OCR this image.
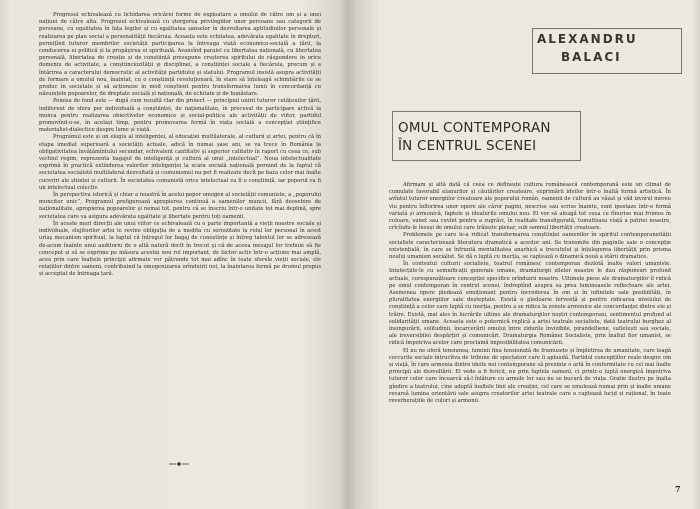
Progresul echivalează cu lichidarea oricărei forme de exploatare a omului de către om și a unei națiuni de către alta. Progresul echivalează cu ștergerea privilegiilor unor persoane sau categorii de persoane, cu egalitatea în fața legilor și cu egalitatea șanselor în dezvoltarea aptitudinilor personale și realizarea pe plan social a personalității fiecăruia. Aceasta este echitatea, adevărata egalitate în drepturi, permițînd tuturor membrilor societății participarea la întreaga viață economico-socială a țării, la conducerea ei politică și la propășirea ei spirituală. Avansînd paralel cu libertatea națională, cu libertatea personală, libertatea de creație și de conștiință presupune creșterea spiritului de răspundere în orice domeniu de activitate, a conștiinciozității și disciplinei, a conștiinței sociale a fiecăruia, precum și a întărirea a caracterului democratic al activității partidului și statului. Programul insistă asupra activității de formare a omului nou, înaintat, cu o conștiință revoluționară, în stare să înțeleagă schimbările ce se produc în societate și să acționeze în mod conștient pentru transformarea lumii în concordanță cu năzuințele popoarelor, de dreptate socială și națională, de echitate și de bunăstare.

Pemisa de fond este — după cum rezultă clar din proiect — principiul unirii tuturor cetățenilor țării, indiferent de sfera por individuală a conștiinței, de naționalitate, în procesul de participare activă la munca pentru realizarea obiectivelor economice și social-politice ale activității de viitor, partidul promovînd-o-se, în același timp, pentru promovarea fermă în viața socială a concepției științifice materialist-dialectice despre lume și viață.

Programul este și un elogiu al inteligenței, al educației multilaterale, al culturii și artei, pentru că în etapa imediat superioară a societății actuale, adică în numai șase ani, se va trece în România la obligativitatea învățămîntului secundar, echivalent cantitativ și superior calitativ în raport cu ceea ce, sub vechiul regim, reprezenta bagajul de inteligență și cultură al unui „intelectual”. Noua intelectualitate exprimă în practică extinderea valorilor inteligenței la scara socială națională pornind de la faptul că societatea socialistă multilateral dezvoltată și comunismul nu pot fi realizate decît pe baza celor mai înalte cuceriri ale științei și culturii. În societatea comunistă orice intelectual va fi o conștiință, iar poporul va fi un intelectual colectiv.

În perspectiva istorică și chiar a noastră în acelui popor omogen al societății comuniste, a „poporului muncitor unic”, Programul prefigurează apropierea continuă a oamenilor muncii, fără deosebire de naționalitate, apropierea popoarelor și nemai tot, pentru că se înscriu într-o unitate tot mai deplină, spre societatea care va asigura adevărata egalitate și libertate pentru toți oamenii.

În aceste mari direcții ale unui viitor ce echivalează cu o parte importantă a vieții noastre sociale și individuale, slujitorilor artei le revine obligația de a medita cu seriozitate la rolul lor personal în acest uriaș mecanism spiritual, la faptul că întregul lor bagaj de cunoștințe și întreg talentul lor se adresează de-acum înainte unui auditoriu de o altă natură decît în trecut și că de aceea mesajul lor trebuie să fie conceput și să se exprime pe măsura acestui nou rol important, de factor activ într-o acțiune mai amplă, acea prin care înaltele principii afirmate vor pătrunde tot mai adînc în toate sferele vieții sociale, ele relațiilor dintre oameni, contribuind la omogenizarea orînduirii noi, la înaintarea fermă pe drumul propus și acceptat de întreaga țară.

ALEXANDRU
BALACI
OMUL CONTEMPORAN
ÎN CENTRUL SCENEI

Afirmam și altă dată că ceea ce definește cultura românească contemporană este un climat de cumulate favorabil elanurilor și căutărilor creatoare, exprimării ideilor într-o înaltă formă artistică. În avîntul tuturor energiilor creatoare ale poporului român, oamenii de cultură au văzat și văd izvorul mereu viu pentru înflorirea unor opere ale căror pagini, nescrise sau scrise înainte, sunt ipostaze într-o formă variată și armonică, faptele și idealurile omului nou. El vor să aleagă tot ceea ce fînurise mai frumos în culoare, sunet sau cuvînt pentru a zugrăvi, în realitate transfigurată, tumultoasa viață a patriei noastre, crîcîndu-le însuși de omului care trăiește plenar, sub semnul libertății creatoare.

Problemele pe care le-a ridicat transformarea conștiinței oamenilor în spiritul contemporaneității socialiste caracterizează literatura dramatică a acestor ani. Se transmite din paginile sale o concepție existențială, în care se înfruntă mentalitatea anarhică a trecutului și înțelegerea libertății prin prisma noului umanism socialist. Se dă o luptă cu inerția, se captează o dinamică nouă a stării dramatice.

În contextul culturii socialiste, teatrul românesc contemporan dezlotă înalte valori umaniste. Intelecțiile-le cu semnificații generale umane, dramaturgii zilelor noastre le dau răspunsuri profund actuale, corespunzătoare concepției specifice orînduirii noastre. Ultimele piese ale dramaturgilor îl ridică pe omul contemporan în centrul scenei, îndreptînd asupra sa prea luminoasele reflectoare ale artei. Asemenea opere pledează emoționant pentru încrederea în om și în infinitele sale posibilități, în pluralitatea energiilor sale deșteptate. Există o pledoarie fervență și pentru ridicarea nivelului de conștiință a celor care luptă cu inerția, pentru a se ridica la zonele armonice ale concordanței dintre ele și trăire. Există, mai ales în lucrările ultime ale dramaturgilor noștri contemporani, sentimentul profund al solidarității umane. Aceasta este o puternică replică a artei teatrale socialiste, dată teatrului burghez al însingurării, solitudinii, încarcerării omului între zidurile învizibile, pirandelliene, sufletești sau sociale, ale ireversibilei despărțiri și comunicări. Dramaturgia Românei Socialiste, prin înaltul fior umanist, se ridică împotriva acelor care proclamă imposibilitatea comunicării.

El nu ne oferă tensiunea, luminii fina tensionată de frumusețe și împletirea de umanitate, care leagă cercurile sociale întrucîtva de tribune de spectatori care îi aplaudă. Partidul concepțiilor reale despre om și viață, în care armonia dintre ideile noi contemporane să prezinte o artă în conformitate cu cel mai înalte principii ale dezvoltării. El vede a fi fericit, nu prin faptele oameni, ci printr-o luptă energică împotriva tuturor celor care încearcă să-l înlăture cu armele lor sau nu se bucură de viața. Gratie ilustru pe înalta gîndire a teatrului, cine adoptă înaltele linii ale creației, cel care se emulează numai prin și înalte umane revarsă lumina orientării sale asupra creatorilor artei teatrale care o captează lucid și rațional, în toate reverberațiile de culori și armonii.

7
